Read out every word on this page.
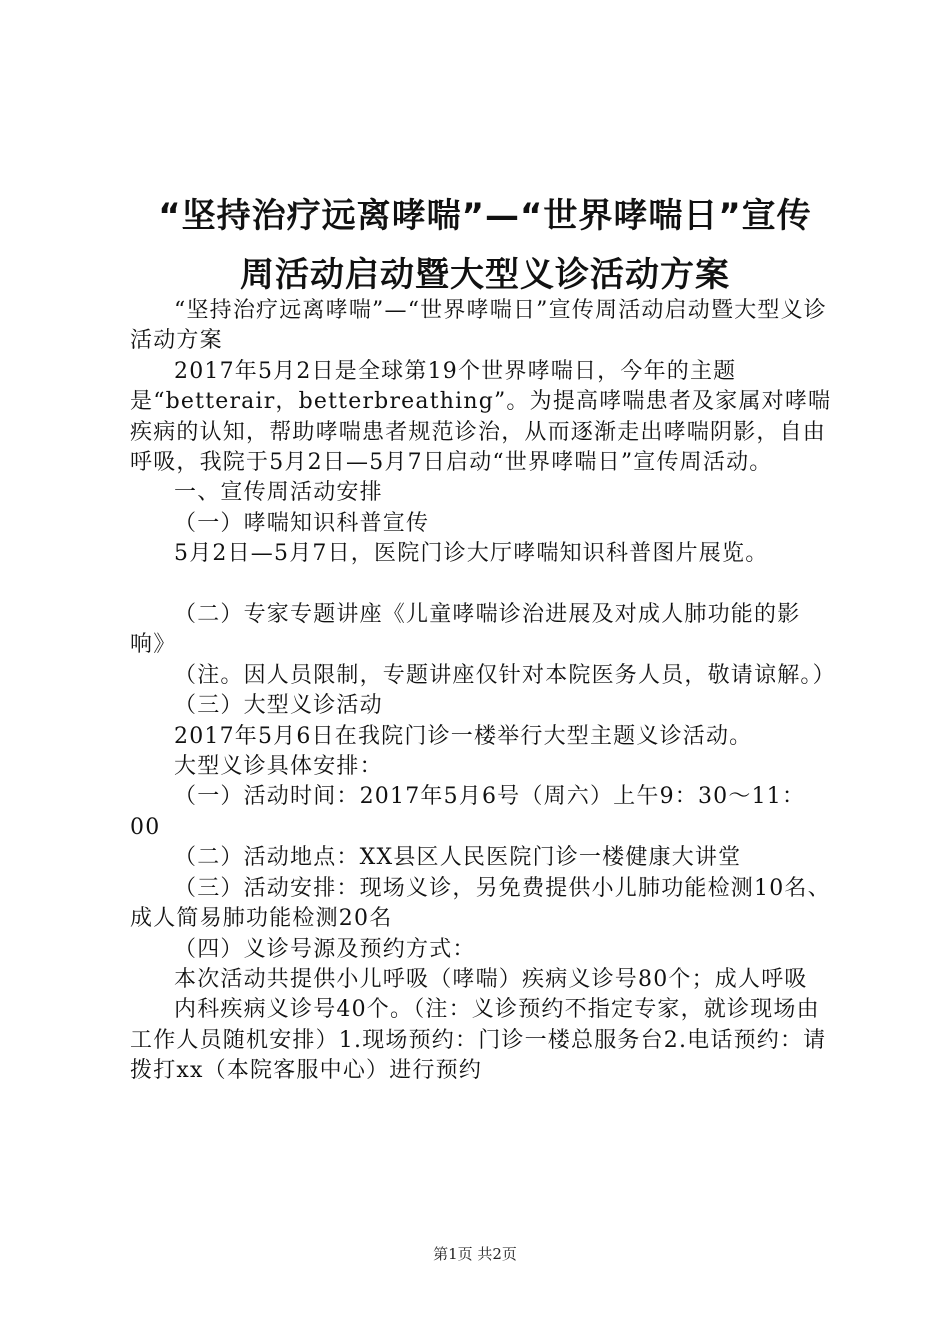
“坚持治疗远离哮喘”—“世界哮喘日”宣传
周活动启动暨大型义诊活动方案

“坚持治疗远离哮喘”—“世界哮喘日”宣传周活动启动暨大型义诊活动方案

2017年5月2日是全球第19个世界哮喘日，今年的主题是“betterair，betterbreathing”。为提高哮喘患者及家属对哮喘疾病的认知，帮助哮喘患者规范诊治，从而逐渐走出哮喘阴影，自由呼吸，我院于5月2日—5月7日启动“世界哮喘日”宣传周活动。

一、宣传周活动安排

（一）哮喘知识科普宣传

5月2日—5月7日，医院门诊大厅哮喘知识科普图片展览。

（二）专家专题讲座《儿童哮喘诊治进展及对成人肺功能的影响》

（注。因人员限制，专题讲座仅针对本院医务人员，敬请谅解。）

（三）大型义诊活动

2017年5月6日在我院门诊一楼举行大型主题义诊活动。

大型义诊具体安排：

（一）活动时间：2017年5月6号（周六）上午9：30～11：00

（二）活动地点：XX县区人民医院门诊一楼健康大讲堂

（三）活动安排：现场义诊，另免费提供小儿肺功能检测10名、成人简易肺功能检测20名

（四）义诊号源及预约方式：

本次活动共提供小儿呼吸（哮喘）疾病义诊号80个；成人呼吸

内科疾病义诊号40个。（注：义诊预约不指定专家，就诊现场由工作人员随机安排）1.现场预约：门诊一楼总服务台2.电话预约：请拨打xx（本院客服中心）进行预约

第1页 共2页
